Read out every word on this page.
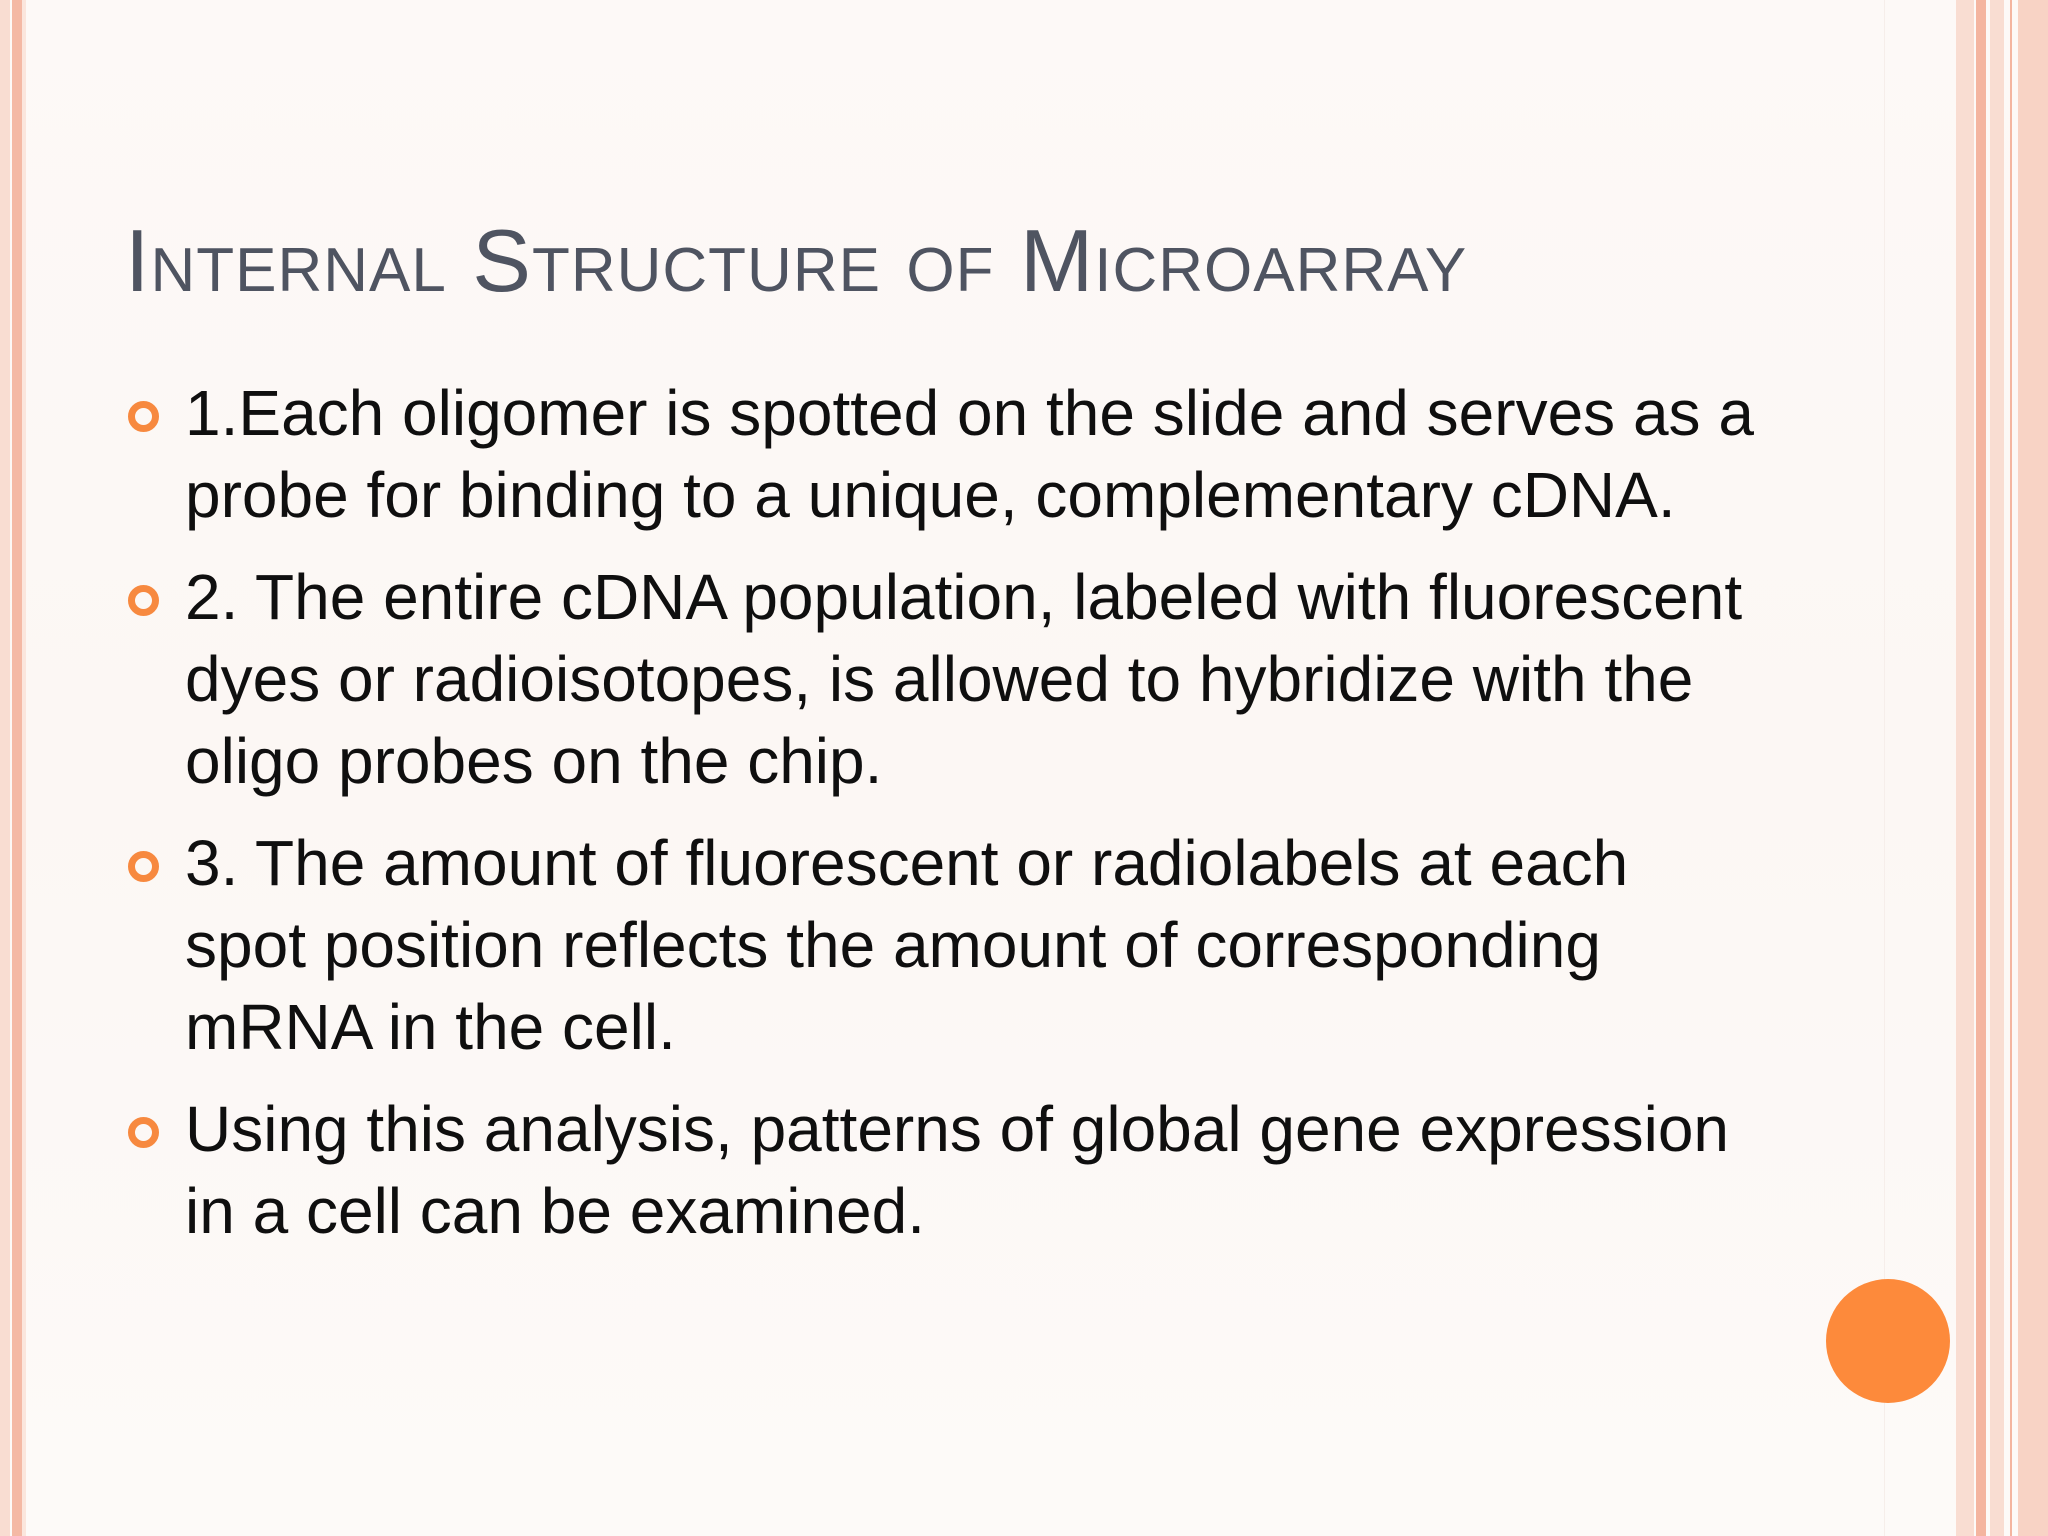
Internal Structure of Microarray
1.Each oligomer is spotted on the slide and serves as a probe for binding to a unique, complementary cDNA.
2. The entire cDNA population, labeled with fluorescent dyes or radioisotopes, is allowed to hybridize with the oligo probes on the chip.
3. The amount of fluorescent or radiolabels at each spot position reflects the amount of corresponding mRNA in the cell.
Using this analysis, patterns of global gene expression in a cell can be examined.
